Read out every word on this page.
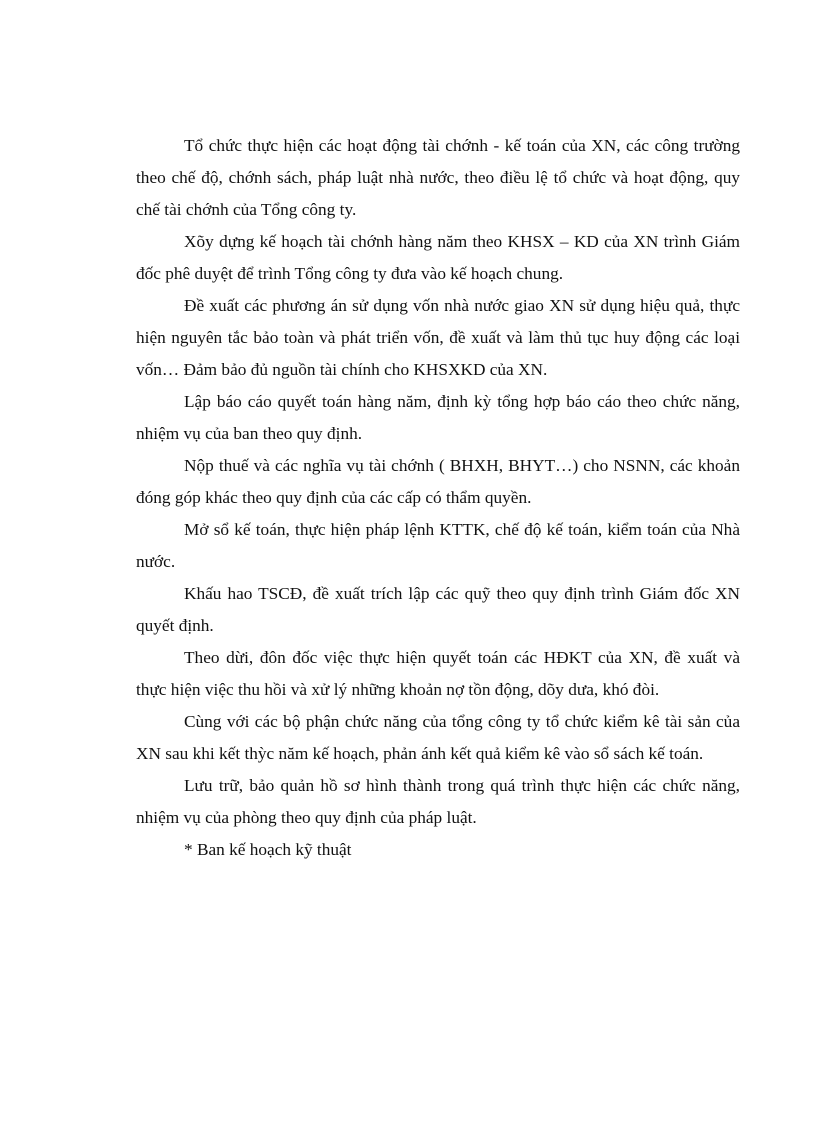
Tổ chức thực hiện các hoạt động tài chớnh - kế toán của XN, các công trường theo chế độ, chớnh sách, pháp luật nhà nước, theo điều lệ tổ chức và hoạt động, quy chế tài chớnh của Tổng công ty.

Xõy dựng kế hoạch tài chớnh hàng năm theo KHSX – KD của XN trình Giám đốc phê duyệt để trình Tổng công ty đưa vào kế hoạch chung.

Đề xuất các phương án sử dụng vốn nhà nước giao XN sử dụng hiệu quả, thực hiện nguyên tắc bảo toàn và phát triển vốn, đề xuất và làm thủ tục huy động các loại vốn… Đảm bảo đủ nguồn tài chính cho KHSXKD của XN.

Lập báo cáo quyết toán hàng năm, định kỳ tổng hợp báo cáo theo chức năng, nhiệm vụ của ban theo quy định.

Nộp thuế và các nghĩa vụ tài chớnh ( BHXH, BHYT…) cho NSNN, các khoản đóng góp khác theo quy định của các cấp có thẩm quyền.

Mở sổ kế toán, thực hiện pháp lệnh KTTK, chế độ kế toán, kiểm toán của Nhà nước.

Khấu hao TSCĐ, đề xuất trích lập các quỹ theo quy định trình Giám đốc XN quyết định.

Theo dừi, đôn đốc việc thực hiện quyết toán các HĐKT của XN, đề xuất và thực hiện việc thu hồi và xử lý những khoản nợ tồn động, dõy dưa, khó đòi.

Cùng với các bộ phận chức năng của tổng công ty tổ chức kiểm kê tài sản của XN sau khi kết thỳc năm kế hoạch, phản ánh kết quả kiểm kê vào sổ sách kế toán.

Lưu trữ, bảo quản hồ sơ hình thành trong quá trình thực hiện các chức năng, nhiệm vụ của phòng theo quy định của pháp luật.

* Ban kế hoạch kỹ thuật
